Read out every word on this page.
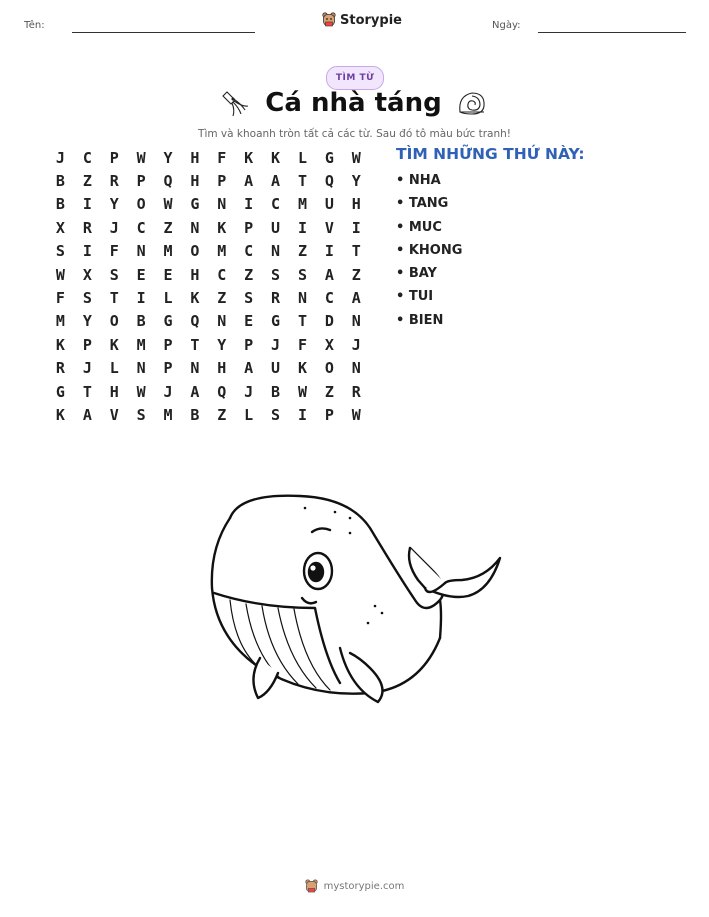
Tên:	Storypie	Ngày:
TÌM TỪ
Cá nhà táng
Tìm và khoanh tròn tất cả các từ. Sau đó tô màu bức tranh!
J	C	P	W	Y	H	F	K	K	L	G	W
B	Z	R	P	Q	H	P	A	A	T	Q	Y
B	I	Y	O	W	G	N	I	C	M	U	H
X	R	J	C	Z	N	K	P	U	I	V	I
S	I	F	N	M	O	M	C	N	Z	I	T
W	X	S	E	E	H	C	Z	S	S	A	Z
F	S	T	I	L	K	Z	S	R	N	C	A
M	Y	O	B	G	Q	N	E	G	T	D	N
K	P	K	M	P	T	Y	P	J	F	X	J
R	J	L	N	P	N	H	A	U	K	O	N
G	T	H	W	J	A	Q	J	B	W	Z	R
K	A	V	S	M	B	Z	L	S	I	P	W
TÌM NHỮNG THỨ NÀY:
• NHA
• TANG
• MUC
• KHONG
• BAY
• TUI
• BIEN
mystorypie.com
